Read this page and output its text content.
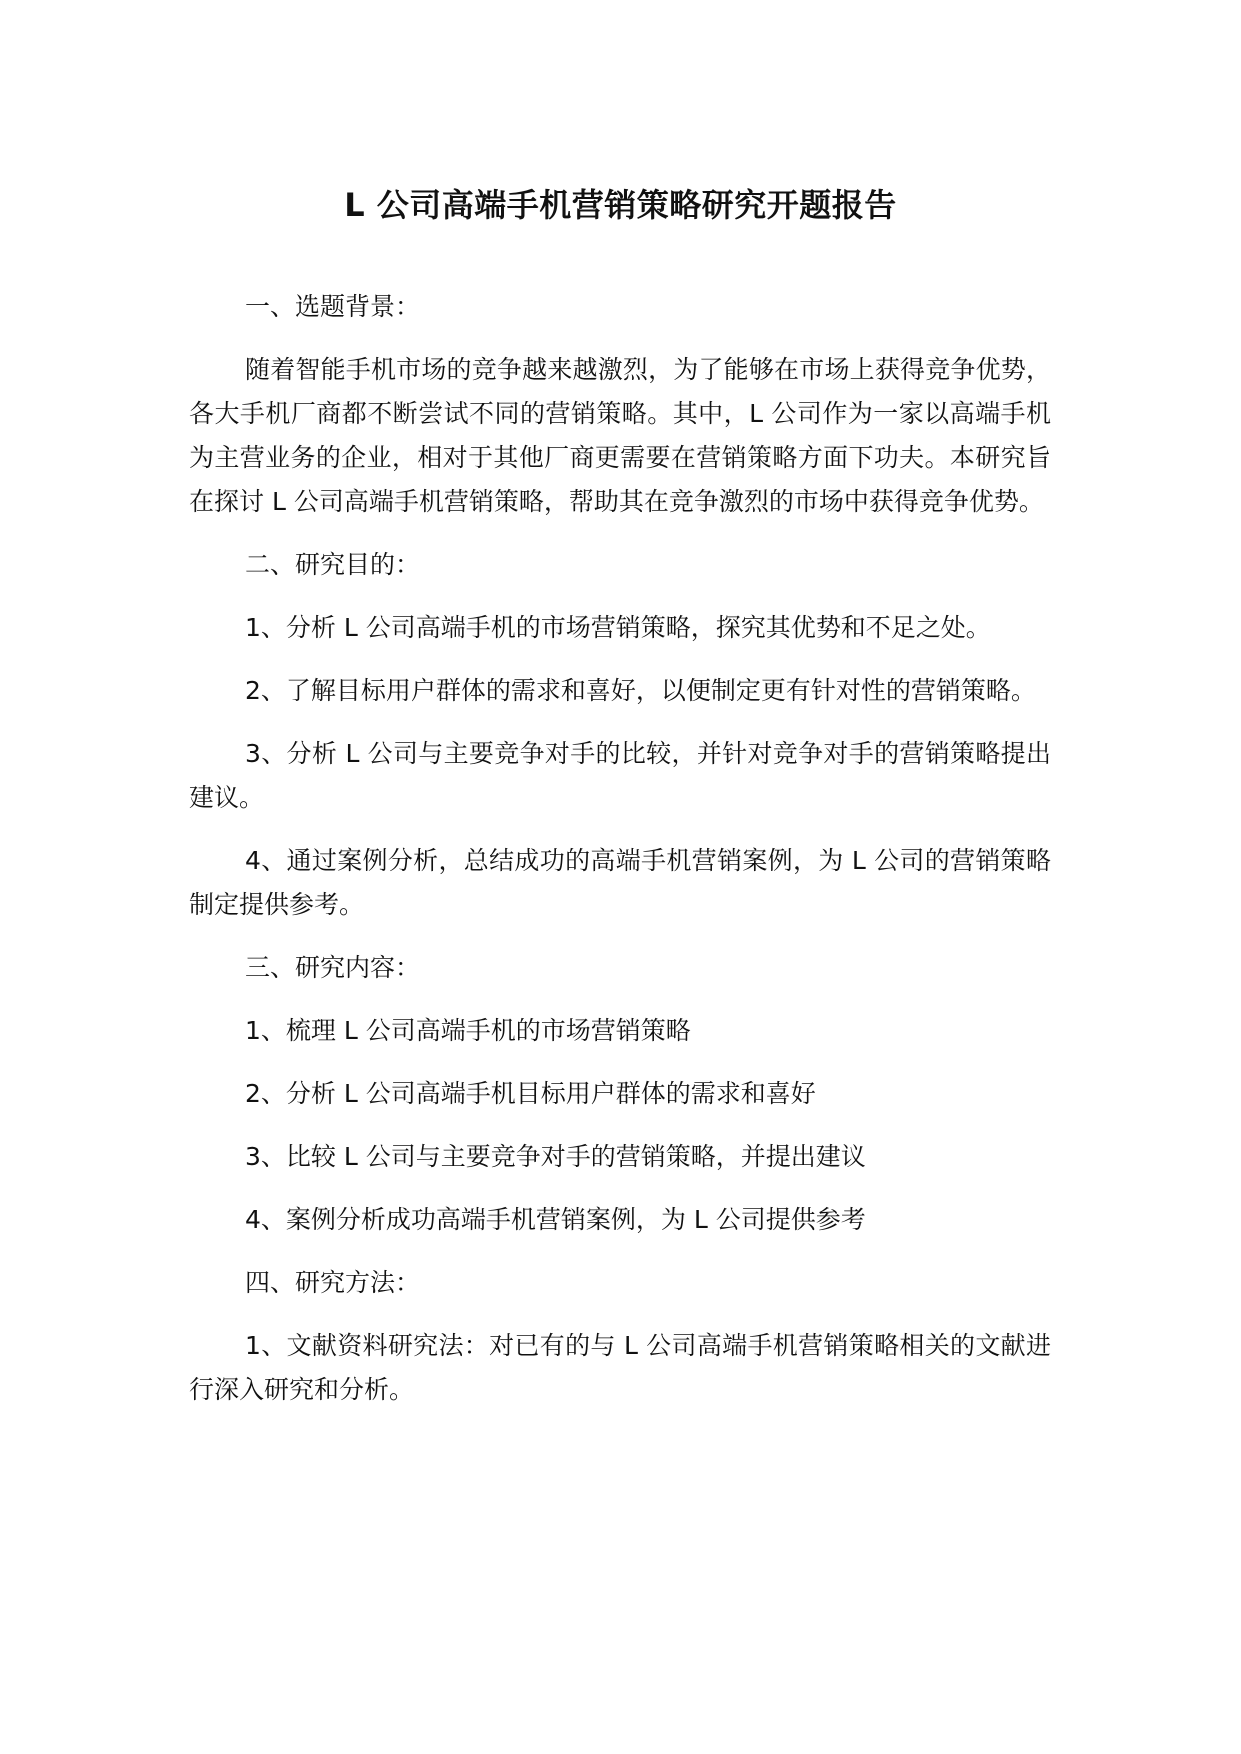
L 公司高端手机营销策略研究开题报告

一、选题背景：

随着智能手机市场的竞争越来越激烈，为了能够在市场上获得竞争优势，各大手机厂商都不断尝试不同的营销策略。其中，L 公司作为一家以高端手机为主营业务的企业，相对于其他厂商更需要在营销策略方面下功夫。本研究旨在探讨 L 公司高端手机营销策略，帮助其在竞争激烈的市场中获得竞争优势。

二、研究目的：

1、分析 L 公司高端手机的市场营销策略，探究其优势和不足之处。

2、了解目标用户群体的需求和喜好，以便制定更有针对性的营销策略。

3、分析 L 公司与主要竞争对手的比较，并针对竞争对手的营销策略提出建议。

4、通过案例分析，总结成功的高端手机营销案例，为 L 公司的营销策略制定提供参考。

三、研究内容：

1、梳理 L 公司高端手机的市场营销策略

2、分析 L 公司高端手机目标用户群体的需求和喜好

3、比较 L 公司与主要竞争对手的营销策略，并提出建议

4、案例分析成功高端手机营销案例，为 L 公司提供参考

四、研究方法：

1、文献资料研究法：对已有的与 L 公司高端手机营销策略相关的文献进行深入研究和分析。
